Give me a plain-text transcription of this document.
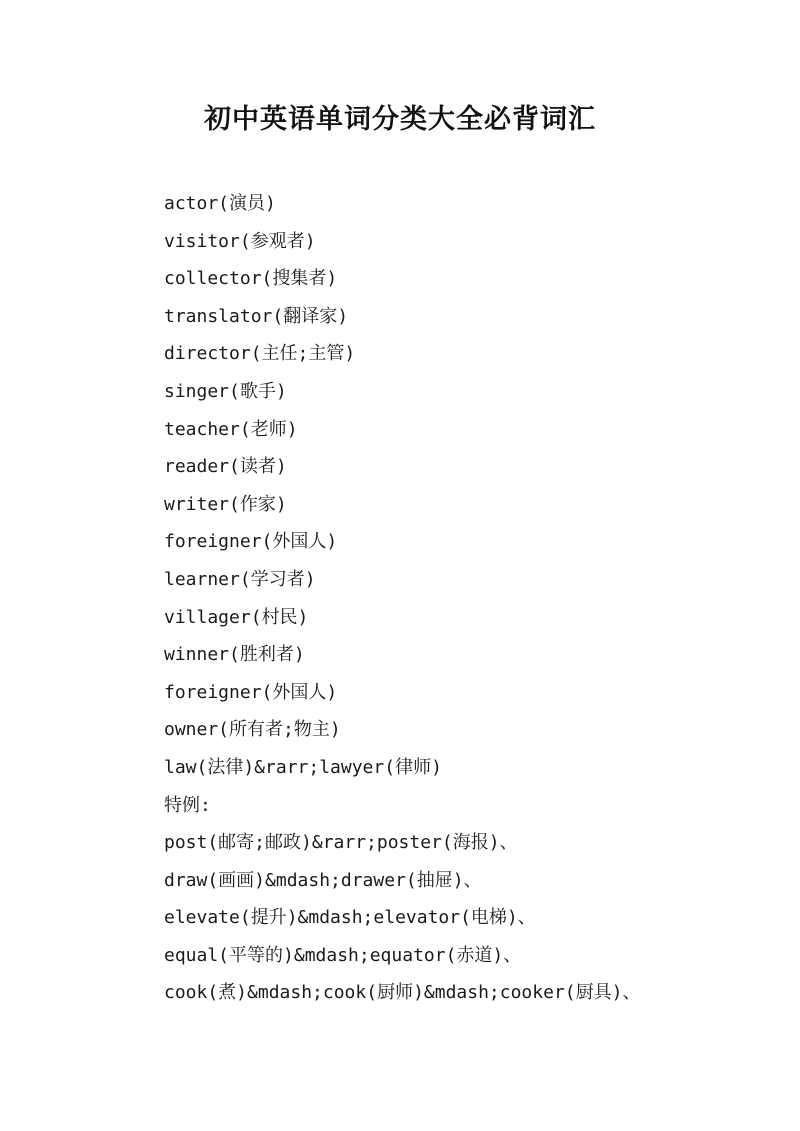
初中英语单词分类大全必背词汇
actor(演员)
visitor(参观者)
collector(搜集者)
translator(翻译家)
director(主任;主管)
singer(歌手)
teacher(老师)
reader(读者)
writer(作家)
foreigner(外国人)
learner(学习者)
villager(村民)
winner(胜利者)
foreigner(外国人)
owner(所有者;物主)
law(法律)&rarr;lawyer(律师)
特例:
post(邮寄;邮政)&rarr;poster(海报)、
draw(画画)&mdash;drawer(抽屉)、
elevate(提升)&mdash;elevator(电梯)、
equal(平等的)&mdash;equator(赤道)、
cook(煮)&mdash;cook(厨师)&mdash;cooker(厨具)、
